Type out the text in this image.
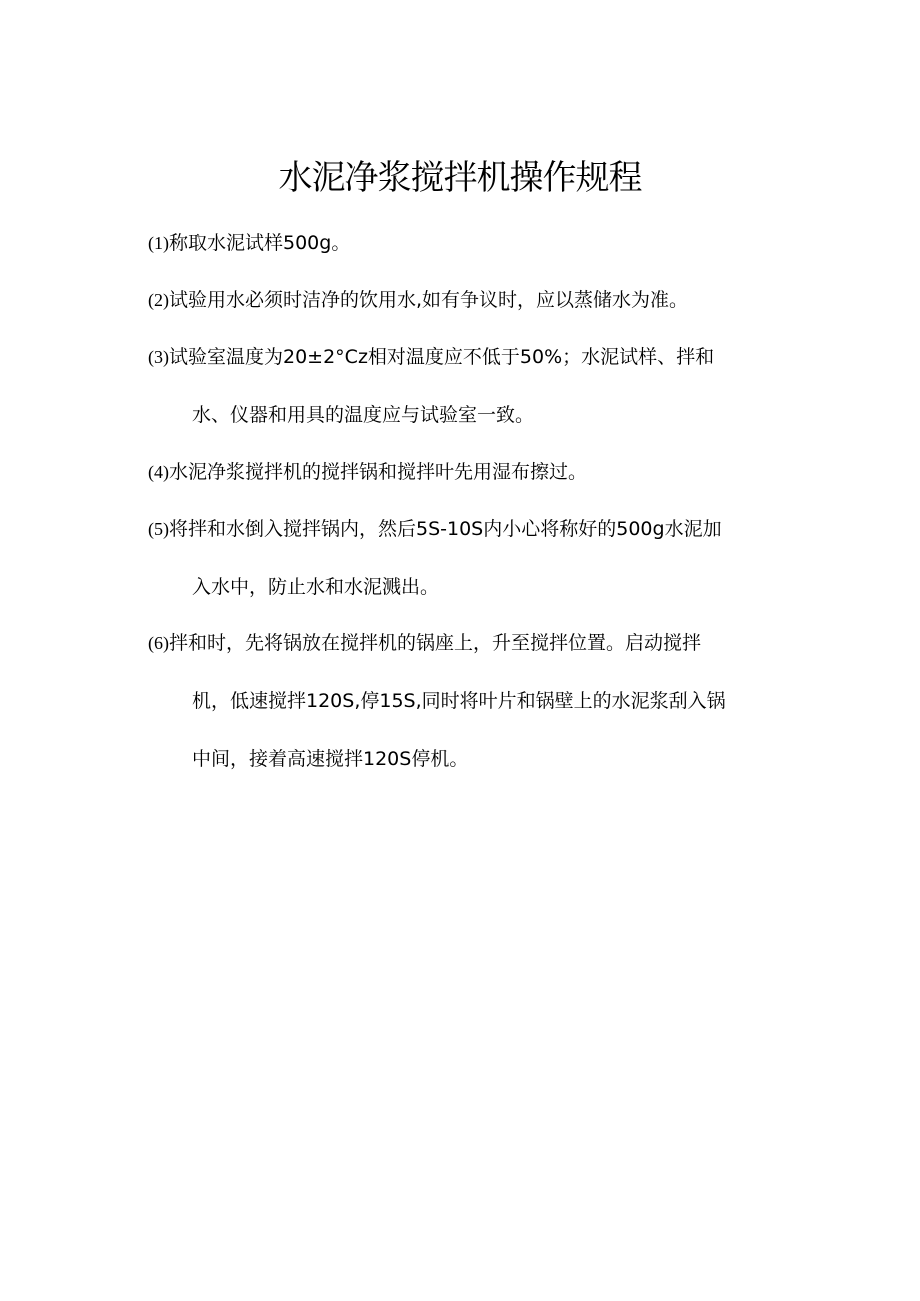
水泥净浆搅拌机操作规程
(1)称取水泥试样500g。
(2)试验用水必须时洁净的饮用水,如有争议时，应以蒸储水为准。
(3)试验室温度为20±2°Cz相对温度应不低于50%；水泥试样、拌和
水、仪器和用具的温度应与试验室一致。
(4)水泥净浆搅拌机的搅拌锅和搅拌叶先用湿布擦过。
(5)将拌和水倒入搅拌锅内，然后5S-10S内小心将称好的500g水泥加
入水中，防止水和水泥溅出。
(6)拌和时，先将锅放在搅拌机的锅座上，升至搅拌位置。启动搅拌
机，低速搅拌120S,停15S,同时将叶片和锅壁上的水泥浆刮入锅
中间，接着高速搅拌120S停机。
